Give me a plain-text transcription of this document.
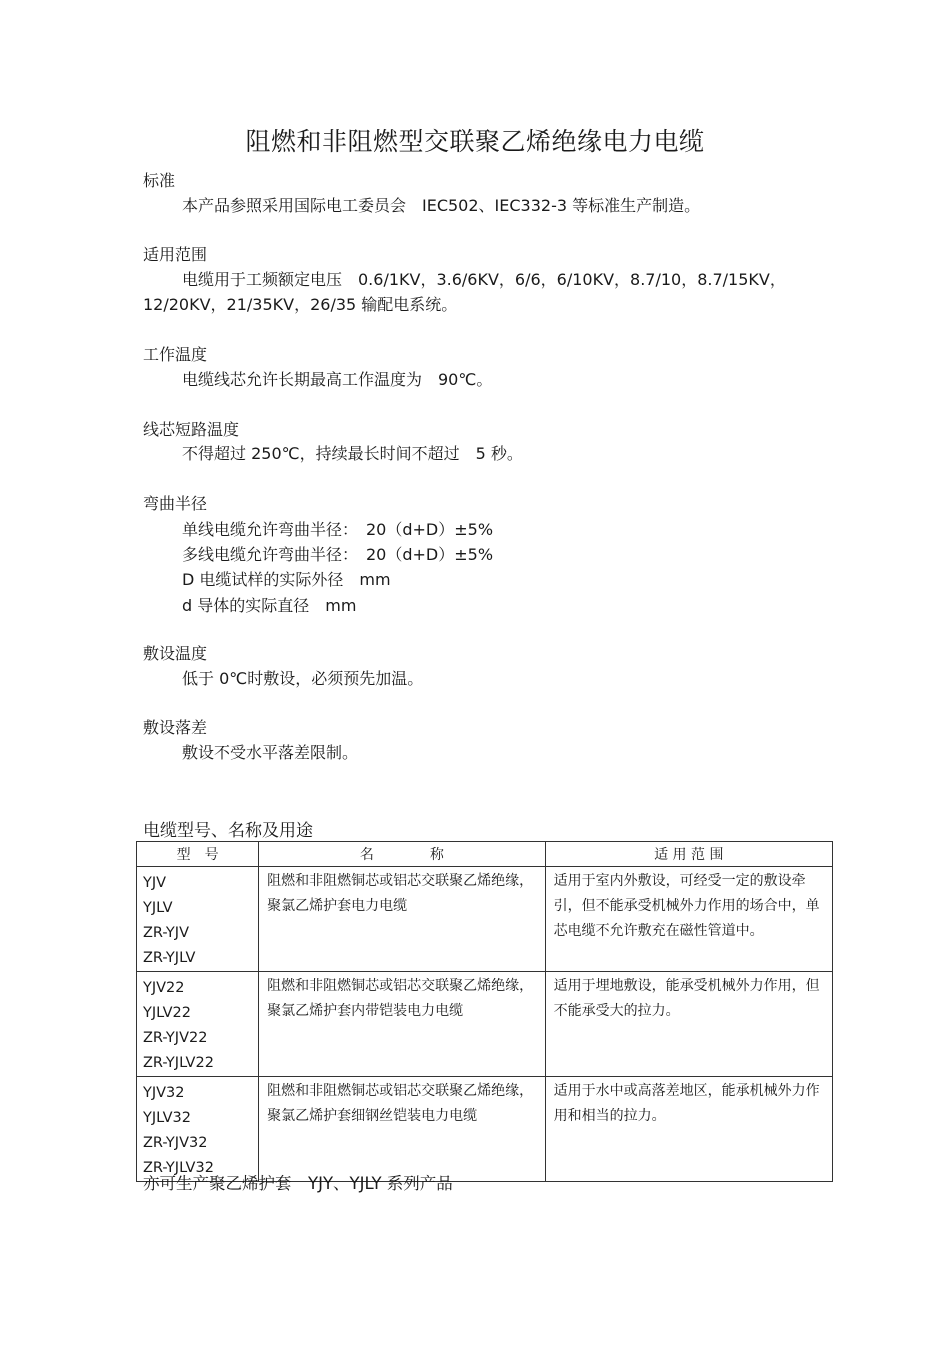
阻燃和非阻燃型交联聚乙烯绝缘电力电缆
标准
本产品参照采用国际电工委员会　IEC502、IEC332-3 等标准生产制造。
适用范围
电缆用于工频额定电压　0.6/1KV，3.6/6KV，6/6，6/10KV，8.7/10，8.7/15KV，
12/20KV，21/35KV，26/35 输配电系统。
工作温度
电缆线芯允许长期最高工作温度为　90℃。
线芯短路温度
不得超过 250℃，持续最长时间不超过　5 秒。
弯曲半径
单线电缆允许弯曲半径：　20（d+D）±5%
多线电缆允许弯曲半径：　20（d+D）±5%
D 电缆试样的实际外径　mm
d 导体的实际直径　mm
敷设温度
低于 0℃时敷设，必须预先加温。
敷设落差
敷设不受水平落差限制。
电缆型号、名称及用途
型　号	名　　　　称	适 用 范 围

YJV
YJLV
ZR-YJV
ZR-YJLV	阻燃和非阻燃铜芯或铝芯交联聚乙烯绝缘，聚氯乙烯护套电力电缆	适用于室内外敷设，可经受一定的敷设牵引，但不能承受机械外力作用的场合中，单芯电缆不允许敷充在磁性管道中。

YJV22
YJLV22
ZR-YJV22
ZR-YJLV22	阻燃和非阻燃铜芯或铝芯交联聚乙烯绝缘，聚氯乙烯护套内带铠装电力电缆	适用于埋地敷设，能承受机械外力作用，但不能承受大的拉力。

YJV32
YJLV32
ZR-YJV32
ZR-YJLV32	阻燃和非阻燃铜芯或铝芯交联聚乙烯绝缘，聚氯乙烯护套细钢丝铠装电力电缆	适用于水中或高落差地区，能承机械外力作用和相当的拉力。
亦可生产聚乙烯护套　YJY、YJLY 系列产品
